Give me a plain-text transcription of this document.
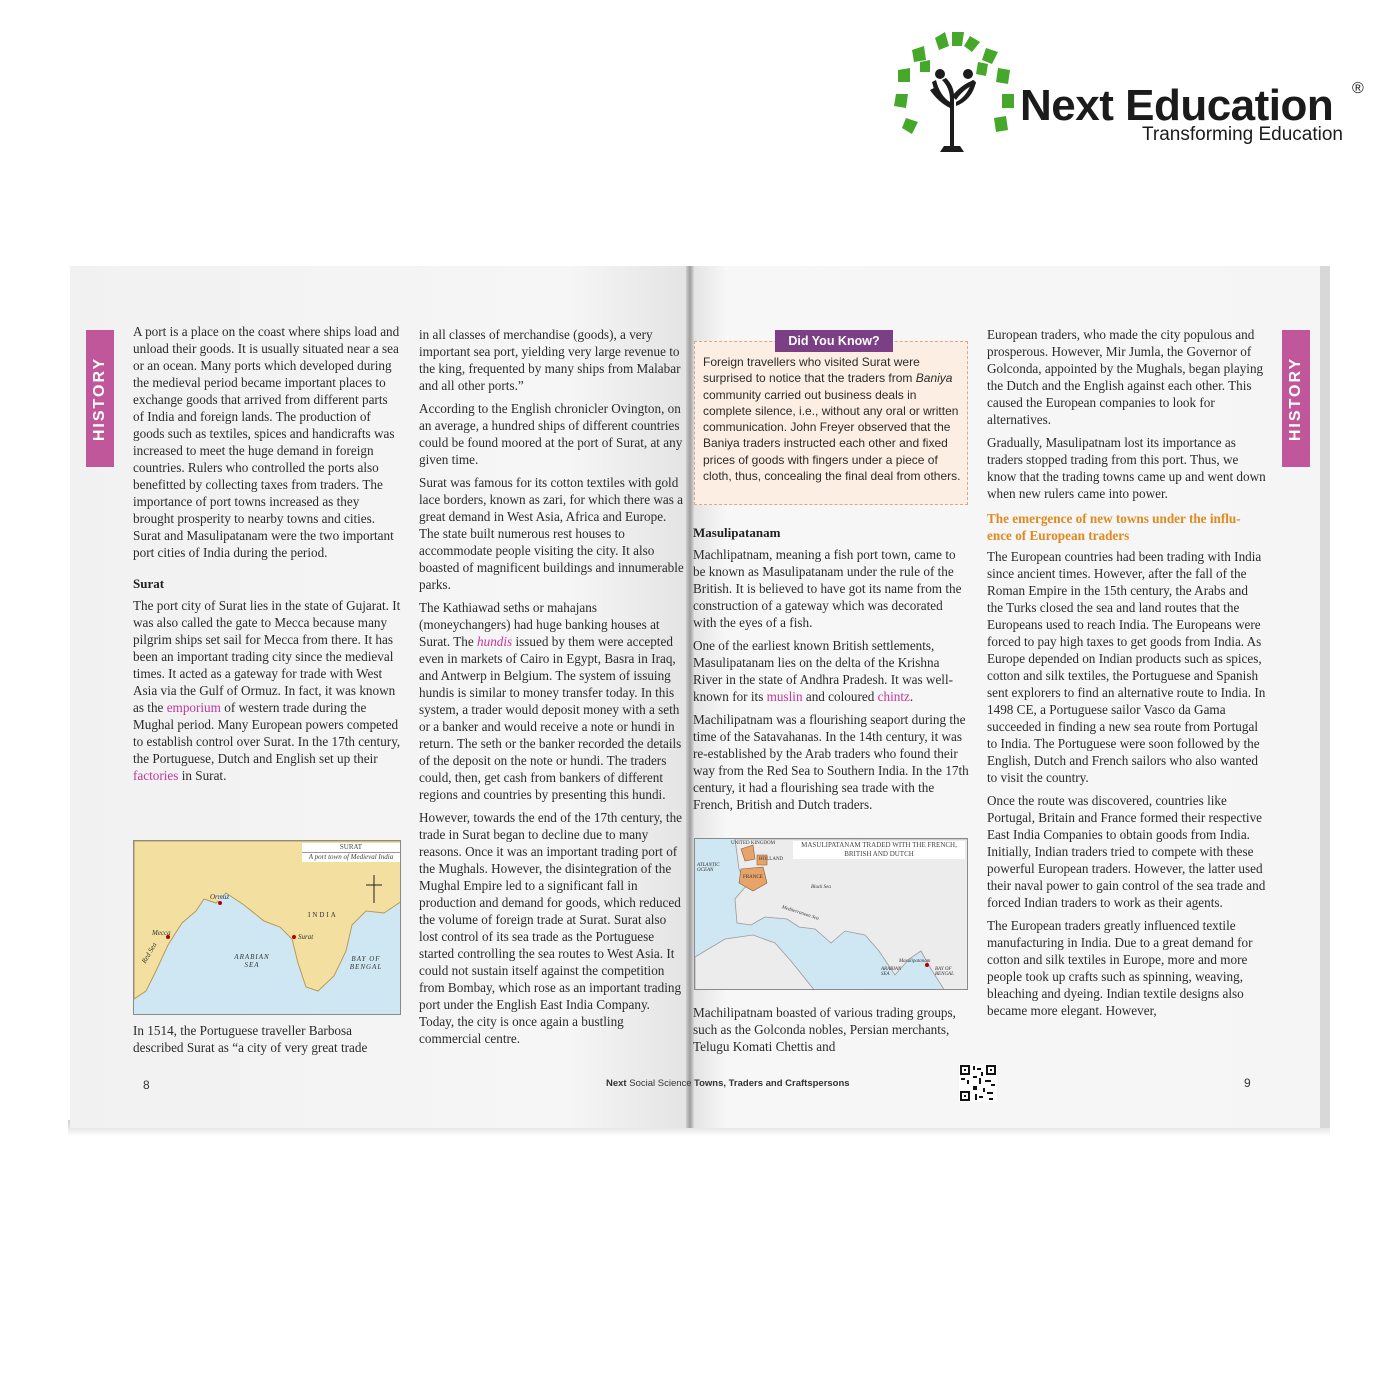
Next Education ®
Transforming Education
HISTORY

A port is a place on the coast where ships load and unload their goods. It is usually situated near a sea or an ocean. Many ports which developed during the medieval period became important places to exchange goods that arrived from different parts of India and foreign lands. The production of goods such as textiles, spices and handicrafts was increased to meet the huge demand in foreign countries. Rulers who controlled the ports also benefitted by collecting taxes from traders. The importance of port towns increased as they brought prosperity to nearby towns and cities. Surat and Masulipatanam were the two important port cities of India during the period.

Surat

The port city of Surat lies in the state of Gujarat. It was also called the gate to Mecca because many pilgrim ships set sail for Mecca from there. It has been an important trading city since the medieval times. It acted as a gateway for trade with West Asia via the Gulf of Ormuz. In fact, it was known as the emporium of western trade during the Mughal period. Many European powers competed to establish control over Surat. In the 17th century, the Portuguese, Dutch and English set up their factories in Surat.

SURAT
A port town of Medieval India
Ormuz
INDIA
Mecca	Surat
ARABIAN SEA
BAY OF BENGAL
Red Sea

In 1514, the Portuguese traveller Barbosa described Surat as “a city of very great trade

in all classes of merchandise (goods), a very important sea port, yielding very large revenue to the king, frequented by many ships from Malabar and all other ports.”

According to the English chronicler Ovington, on an average, a hundred ships of different countries could be found moored at the port of Surat, at any given time.

Surat was famous for its cotton textiles with gold lace borders, known as zari, for which there was a great demand in West Asia, Africa and Europe. The state built numerous rest houses to accommodate people visiting the city. It also boasted of magnificent buildings and innumerable parks.

The Kathiawad seths or mahajans (moneychangers) had huge banking houses at Surat. The hundis issued by them were accepted even in markets of Cairo in Egypt, Basra in Iraq, and Antwerp in Belgium. The system of issuing hundis is similar to money transfer today. In this system, a trader would deposit money with a seth or a banker and would receive a note or hundi in return. The seth or the banker recorded the details of the deposit on the note or hundi. The traders could, then, get cash from bankers of different regions and countries by presenting this hundi.

However, towards the end of the 17th century, the trade in Surat began to decline due to many reasons. Once it was an important trading port of the Mughals. However, the disintegration of the Mughal Empire led to a significant fall in production and demand for goods, which reduced the volume of foreign trade at Surat. Surat also lost control of its sea trade as the Portuguese started controlling the sea routes to West Asia. It could not sustain itself against the competition from Bombay, which rose as an important trading port under the English East India Company. Today, the city is once again a bustling commercial centre.

8	Next Social Science
HISTORY
Did You Know?
Foreign travellers who visited Surat were surprised to notice that the traders from Baniya community carried out business deals in complete silence, i.e., without any oral or written communication. John Freyer observed that the Baniya traders instructed each other and fixed prices of goods with fingers under a piece of cloth, thus, concealing the final deal from others.
Masulipatanam

Machlipatnam, meaning a fish port town, came to be known as Masulipatanam under the rule of the British. It is believed to have got its name from the construction of a gateway which was decorated with the eyes of a fish.

One of the earliest known British settlements, Masulipatanam lies on the delta of the Krishna River in the state of Andhra Pradesh. It was well-known for its muslin and coloured chintz.

Machilipatnam was a flourishing seaport during the time of the Satavahanas. In the 14th century, it was re-established by the Arab traders who found their way from the Red Sea to Southern India. In the 17th century, it had a flourishing sea trade with the French, British and Dutch traders.

MASULIPATANAM TRADED WITH THE FRENCH, BRITISH AND DUTCH
UNITED KINGDOM
HOLLAND
FRANCE
ATLANTIC OCEAN
Black Sea
Mediterranean Sea
Masulipatanam
ARABIAN SEA
BAY OF BENGAL

Machilipatnam boasted of various trading groups, such as the Golconda nobles, Persian merchants, Telugu Komati Chettis and

European traders, who made the city populous and prosperous. However, Mir Jumla, the Governor of Golconda, appointed by the Mughals, began playing the Dutch and the English against each other. This caused the European companies to look for alternatives.

Gradually, Masulipatnam lost its importance as traders stopped trading from this port. Thus, we know that the trading towns came up and went down when new rulers came into power.

The emergence of new towns under the influ-
ence of European traders

The European countries had been trading with India since ancient times. However, after the fall of the Roman Empire in the 15th century, the Arabs and the Turks closed the sea and land routes that the Europeans used to reach India. The Europeans were forced to pay high taxes to get goods from India. As Europe depended on Indian products such as spices, cotton and silk textiles, the Portuguese and Spanish sent explorers to find an alternative route to India. In 1498 CE, a Portuguese sailor Vasco da Gama succeeded in finding a new sea route from Portugal to India. The Portuguese were soon followed by the English, Dutch and French sailors who also wanted to visit the country.

Once the route was discovered, countries like Portugal, Britain and France formed their respective East India Companies to obtain goods from India. Initially, Indian traders tried to compete with these powerful European traders. However, the latter used their naval power to gain control of the sea trade and forced Indian traders to work as their agents.

The European traders greatly influenced textile manufacturing in India. Due to a great demand for cotton and silk textiles in Europe, more and more people took up crafts such as spinning, weaving, bleaching and dyeing. Indian textile designs also became more elegant. However,

Towns, Traders and Craftspersons	9
